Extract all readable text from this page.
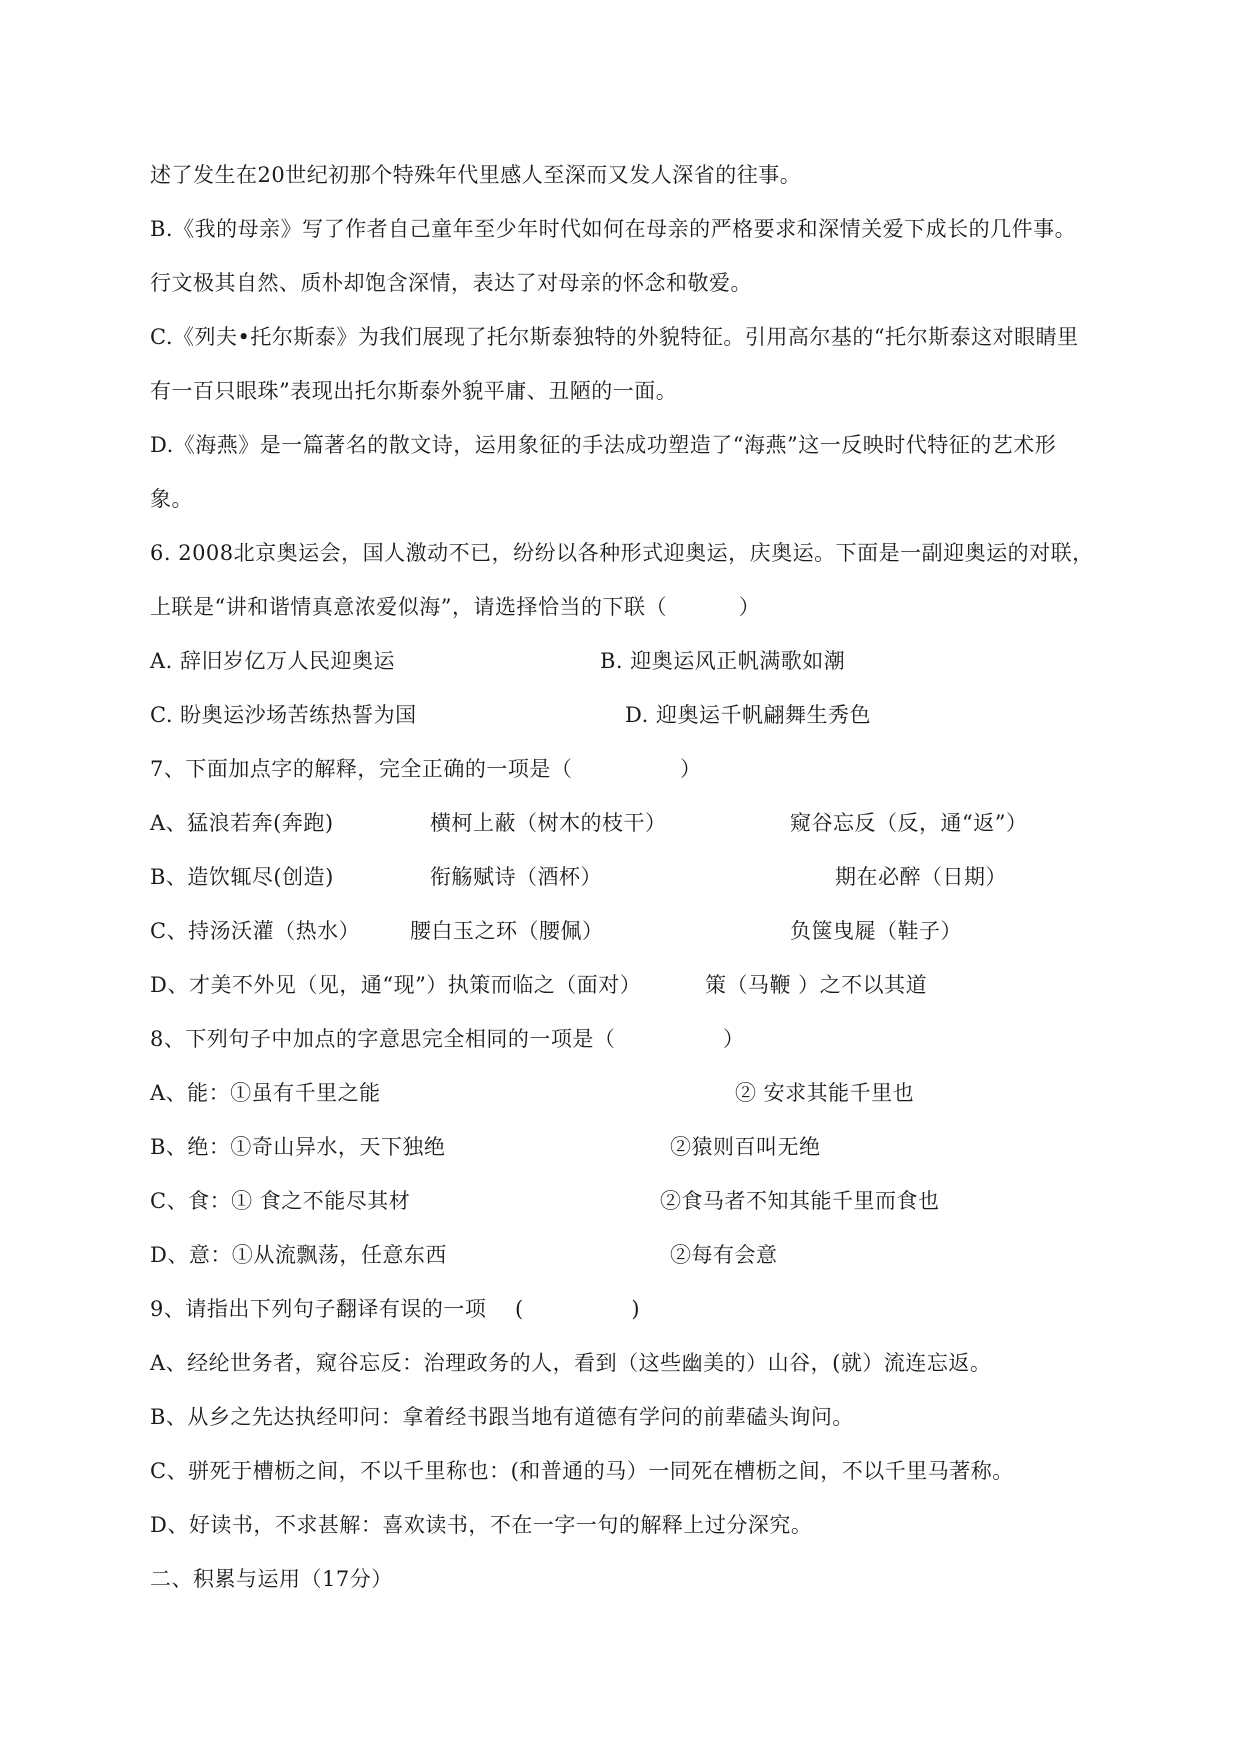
述了发生在20世纪初那个特殊年代里感人至深而又发人深省的往事。
B.《我的母亲》写了作者自己童年至少年时代如何在母亲的严格要求和深情关爱下成长的几件事。
行文极其自然、质朴却饱含深情，表达了对母亲的怀念和敬爱。
C.《列夫•托尔斯泰》为我们展现了托尔斯泰独特的外貌特征。引用高尔基的“托尔斯泰这对眼睛里
有一百只眼珠”表现出托尔斯泰外貌平庸、丑陋的一面。
D.《海燕》是一篇著名的散文诗，运用象征的手法成功塑造了“海燕”这一反映时代特征的艺术形
象。
6. 2008北京奥运会，国人激动不已，纷纷以各种形式迎奥运，庆奥运。下面是一副迎奥运的对联，
上联是“讲和谐情真意浓爱似海”，请选择恰当的下联（          ）
A. 辞旧岁亿万人民迎奥运	B. 迎奥运风正帆满歌如潮
C. 盼奥运沙场苦练热誓为国	D. 迎奥运千帆翩舞生秀色
7、下面加点字的解释，完全正确的一项是（               ）
A、猛浪若奔(奔跑)	横柯上蔽（树木的枝干）	窥谷忘反（反，通“返”）
B、造饮辄尽(创造)	衔觞赋诗（酒杯）	期在必醉（日期）
C、持汤沃灌（热水） 腰白玉之环（腰佩）	负箧曳屣（鞋子）
D、才美不外见（见，通“现”）执策而临之（面对）	策（马鞭 ）之不以其道
8、下列句子中加点的字意思完全相同的一项是（               ）
A、能：①虽有千里之能	② 安求其能千里也
B、绝：①奇山异水，天下独绝	②猿则百叫无绝
C、食：① 食之不能尽其材	②食马者不知其能千里而食也
D、意：①从流飘荡，任意东西	②每有会意
9、请指出下列句子翻译有误的一项    (               )
A、经纶世务者，窥谷忘反：治理政务的人，看到（这些幽美的）山谷，(就）流连忘返。
B、从乡之先达执经叩问：拿着经书跟当地有道德有学问的前辈磕头询问。
C、骈死于槽枥之间，不以千里称也：(和普通的马）一同死在槽枥之间，不以千里马著称。
D、好读书，不求甚解：喜欢读书，不在一字一句的解释上过分深究。
二、积累与运用（17分）
